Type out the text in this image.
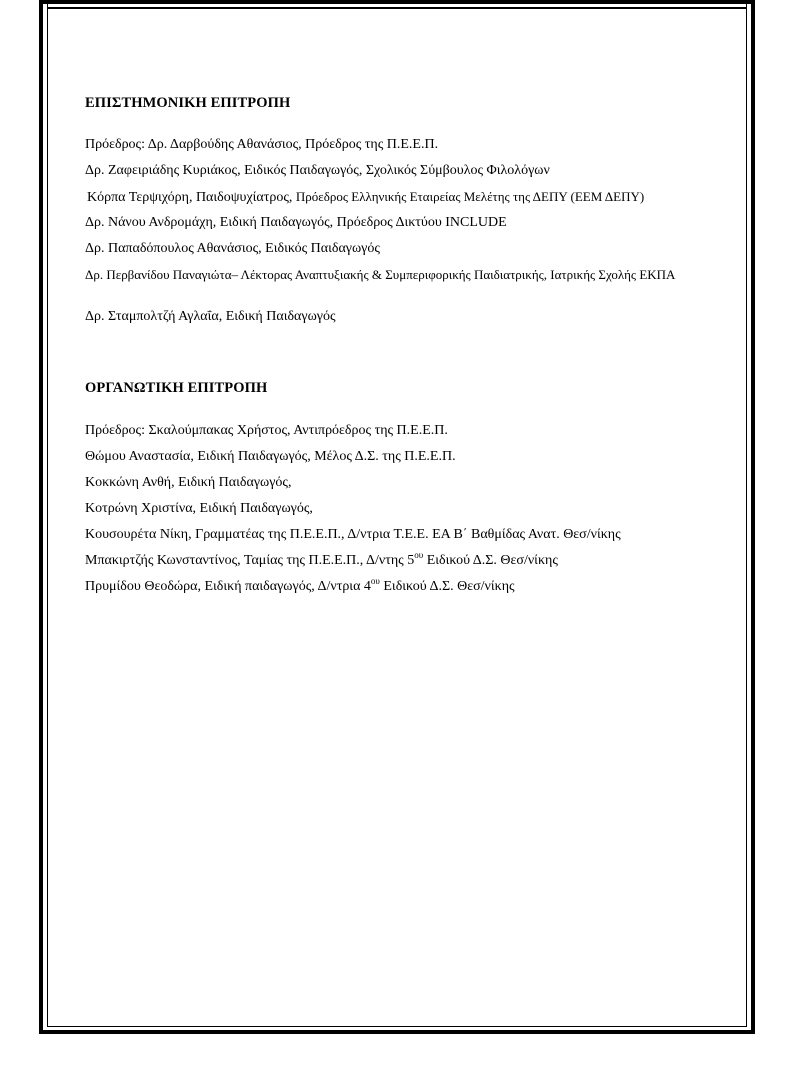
ΕΠΙΣΤΗΜΟΝΙΚΗ ΕΠΙΤΡΟΠΗ
Πρόεδρος: Δρ. Δαρβούδης Αθανάσιος, Πρόεδρος της Π.Ε.Ε.Π.
Δρ. Ζαφειριάδης Κυριάκος, Ειδικός Παιδαγωγός, Σχολικός Σύμβουλος Φιλολόγων
Κόρπα Τερψιχόρη, Παιδοψυχίατρος, Πρόεδρος Ελληνικής Εταιρείας Μελέτης της ΔΕΠΥ (ΕΕΜ ΔΕΠΥ)
Δρ. Νάνου Ανδρομάχη, Ειδική Παιδαγωγός, Πρόεδρος Δικτύου INCLUDE
Δρ. Παπαδόπουλος Αθανάσιος, Ειδικός Παιδαγωγός
Δρ. Περβανίδου Παναγιώτα– Λέκτορας Αναπτυξιακής & Συμπεριφορικής Παιδιατρικής, Ιατρικής Σχολής ΕΚΠΑ
Δρ. Σταμπολτζή Αγλαΐα, Ειδική Παιδαγωγός
ΟΡΓΑΝΩΤΙΚΗ ΕΠΙΤΡΟΠΗ
Πρόεδρος: Σκαλούμπακας Χρήστος, Αντιπρόεδρος της Π.Ε.Ε.Π.
Θώμου Αναστασία, Ειδική Παιδαγωγός, Μέλος Δ.Σ. της Π.Ε.Ε.Π.
Κοκκώνη Ανθή, Ειδική Παιδαγωγός,
Κοτρώνη Χριστίνα, Ειδική Παιδαγωγός,
Κουσουρέτα Νίκη, Γραμματέας της Π.Ε.Ε.Π., Δ/ντρια Τ.Ε.Ε. ΕΑ Β΄ Βαθμίδας Ανατ. Θεσ/νίκης
Μπακιρτζής Κωνσταντίνος, Ταμίας της Π.Ε.Ε.Π., Δ/ντης $5^{o\upsilon}$ Ειδικού Δ.Σ. Θεσ/νίκης
Πρυμίδου Θεοδώρα, Ειδική παιδαγωγός, Δ/ντρια $4^{o\upsilon}$ Ειδικού Δ.Σ. Θεσ/νίκης
